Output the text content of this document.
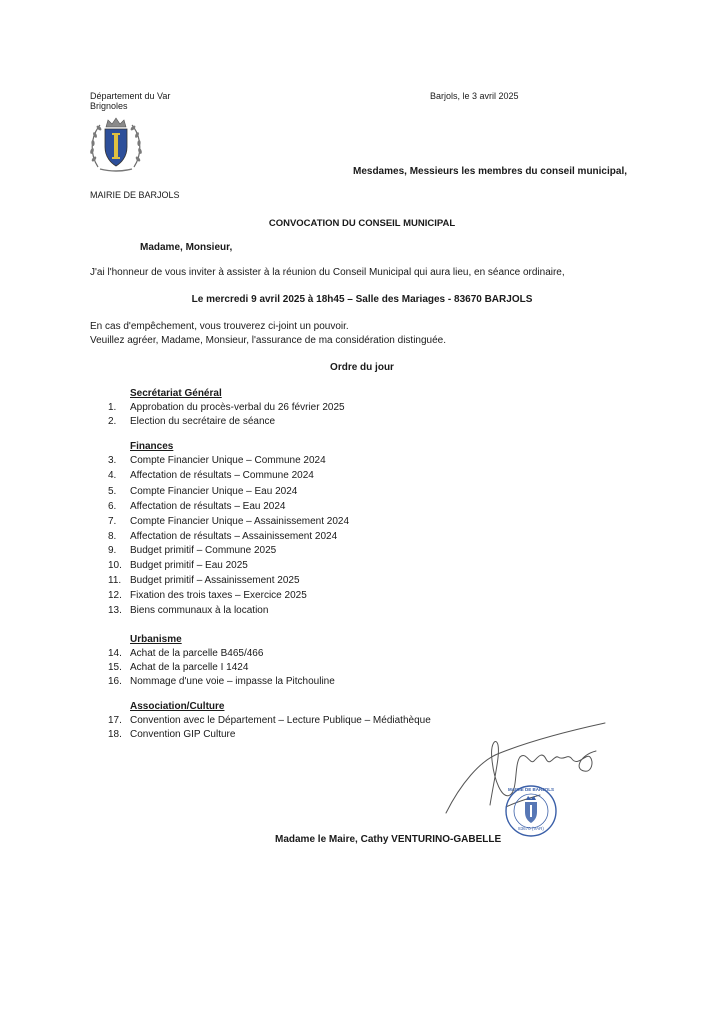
Département du Var
Brignoles
Barjols, le 3 avril 2025
Mesdames, Messieurs les membres du conseil municipal,
MAIRIE DE BARJOLS
CONVOCATION DU CONSEIL MUNICIPAL
Madame, Monsieur,
J'ai l'honneur de vous inviter à assister à la réunion du Conseil Municipal qui aura lieu, en séance ordinaire,
Le mercredi 9 avril 2025 à 18h45 – Salle des Mariages - 83670 BARJOLS
En cas d'empêchement, vous trouverez ci-joint un pouvoir.
Veuillez agréer, Madame, Monsieur, l'assurance de ma considération distinguée.
Ordre du jour
Secrétariat Général
1.	Approbation du procès-verbal du 26 février 2025
2.	Election du secrétaire de séance
Finances
3.	Compte Financier Unique – Commune 2024
4.	Affectation de résultats – Commune 2024
5.	Compte Financier Unique – Eau 2024
6.	Affectation de résultats – Eau 2024
7.	Compte Financier Unique – Assainissement 2024
8.	Affectation de résultats – Assainissement 2024
9.	Budget primitif – Commune 2025
10. Budget primitif – Eau 2025
11. Budget primitif – Assainissement 2025
12. Fixation des trois taxes – Exercice 2025
13. Biens communaux à la location
Urbanisme
14. Achat de la parcelle B465/466
15. Achat de la parcelle I 1424
16. Nommage d'une voie – impasse la Pitchouline
Association/Culture
17. Convention avec le Département – Lecture Publique – Médiathèque
18. Convention GIP Culture
MAIRIE DE BARJOLS
83670 (VAR)
Madame le Maire, Cathy VENTURINO-GABELLE
